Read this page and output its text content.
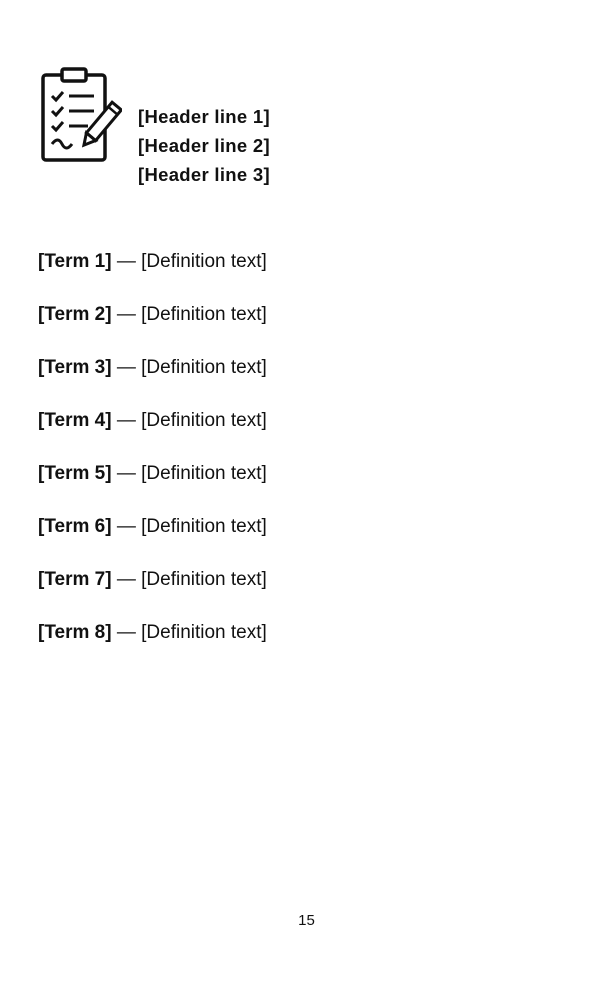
[Header line 1]
[Header line 2]
[Header line 3]

[Term 1] — [Definition text]

[Term 2] — [Definition text]

[Term 3] — [Definition text]

[Term 4] — [Definition text]

[Term 5] — [Definition text]

[Term 6] — [Definition text]

[Term 7] — [Definition text]

[Term 8] — [Definition text]

15
